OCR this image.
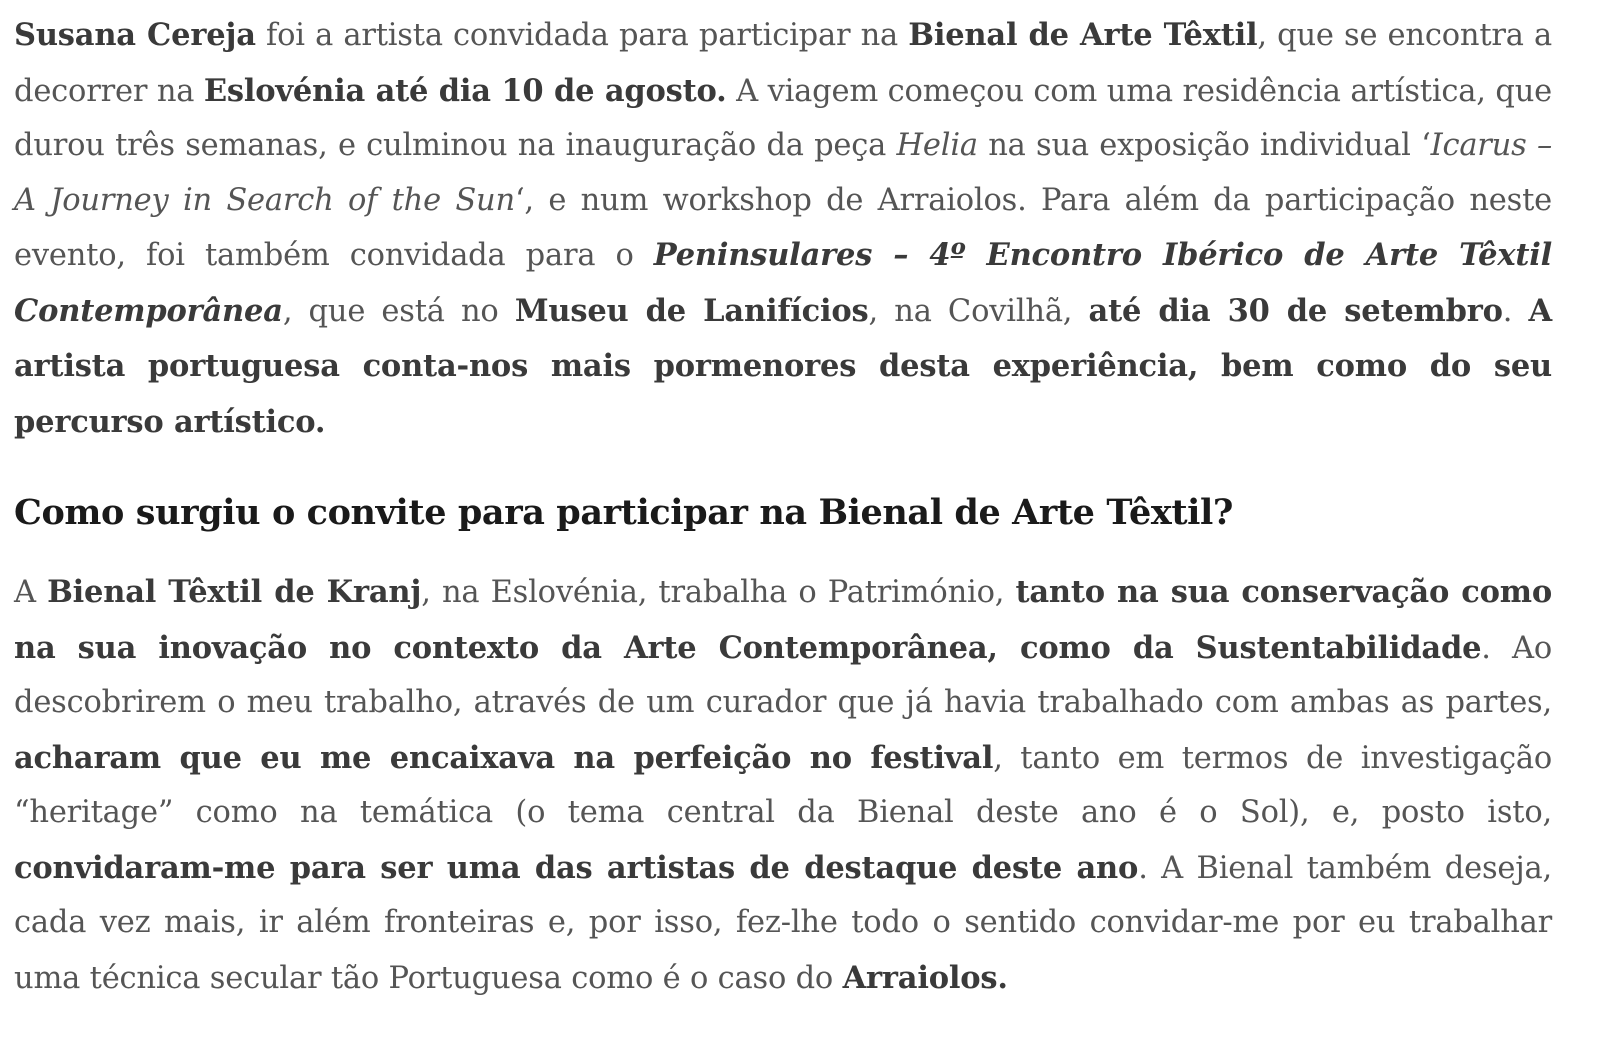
Susana Cereja foi a artista convidada para participar na Bienal de Arte Têxtil, que se encontra a decorrer na Eslovénia até dia 10 de agosto. A viagem começou com uma residência artística, que durou três semanas, e culminou na inauguração da peça Helia na sua exposição individual ‘Icarus – A Journey in Search of the Sun‘, e num workshop de Arraiolos. Para além da participação neste evento, foi também convidada para o Peninsulares – 4º Encontro Ibérico de Arte Têxtil Contemporânea, que está no Museu de Lanifícios, na Covilhã, até dia 30 de setembro. A artista portuguesa conta-nos mais pormenores desta experiência, bem como do seu percurso artístico.

Como surgiu o convite para participar na Bienal de Arte Têxtil?

A Bienal Têxtil de Kranj, na Eslovénia, trabalha o Património, tanto na sua conservação como na sua inovação no contexto da Arte Contemporânea, como da Sustentabilidade. Ao descobrirem o meu trabalho, através de um curador que já havia trabalhado com ambas as partes, acharam que eu me encaixava na perfeição no festival, tanto em termos de investigação “heritage” como na temática (o tema central da Bienal deste ano é o Sol), e, posto isto, convidaram-me para ser uma das artistas de destaque deste ano. A Bienal também deseja, cada vez mais, ir além fronteiras e, por isso, fez-lhe todo o sentido convidar-me por eu trabalhar uma técnica secular tão Portuguesa como é o caso do Arraiolos.
